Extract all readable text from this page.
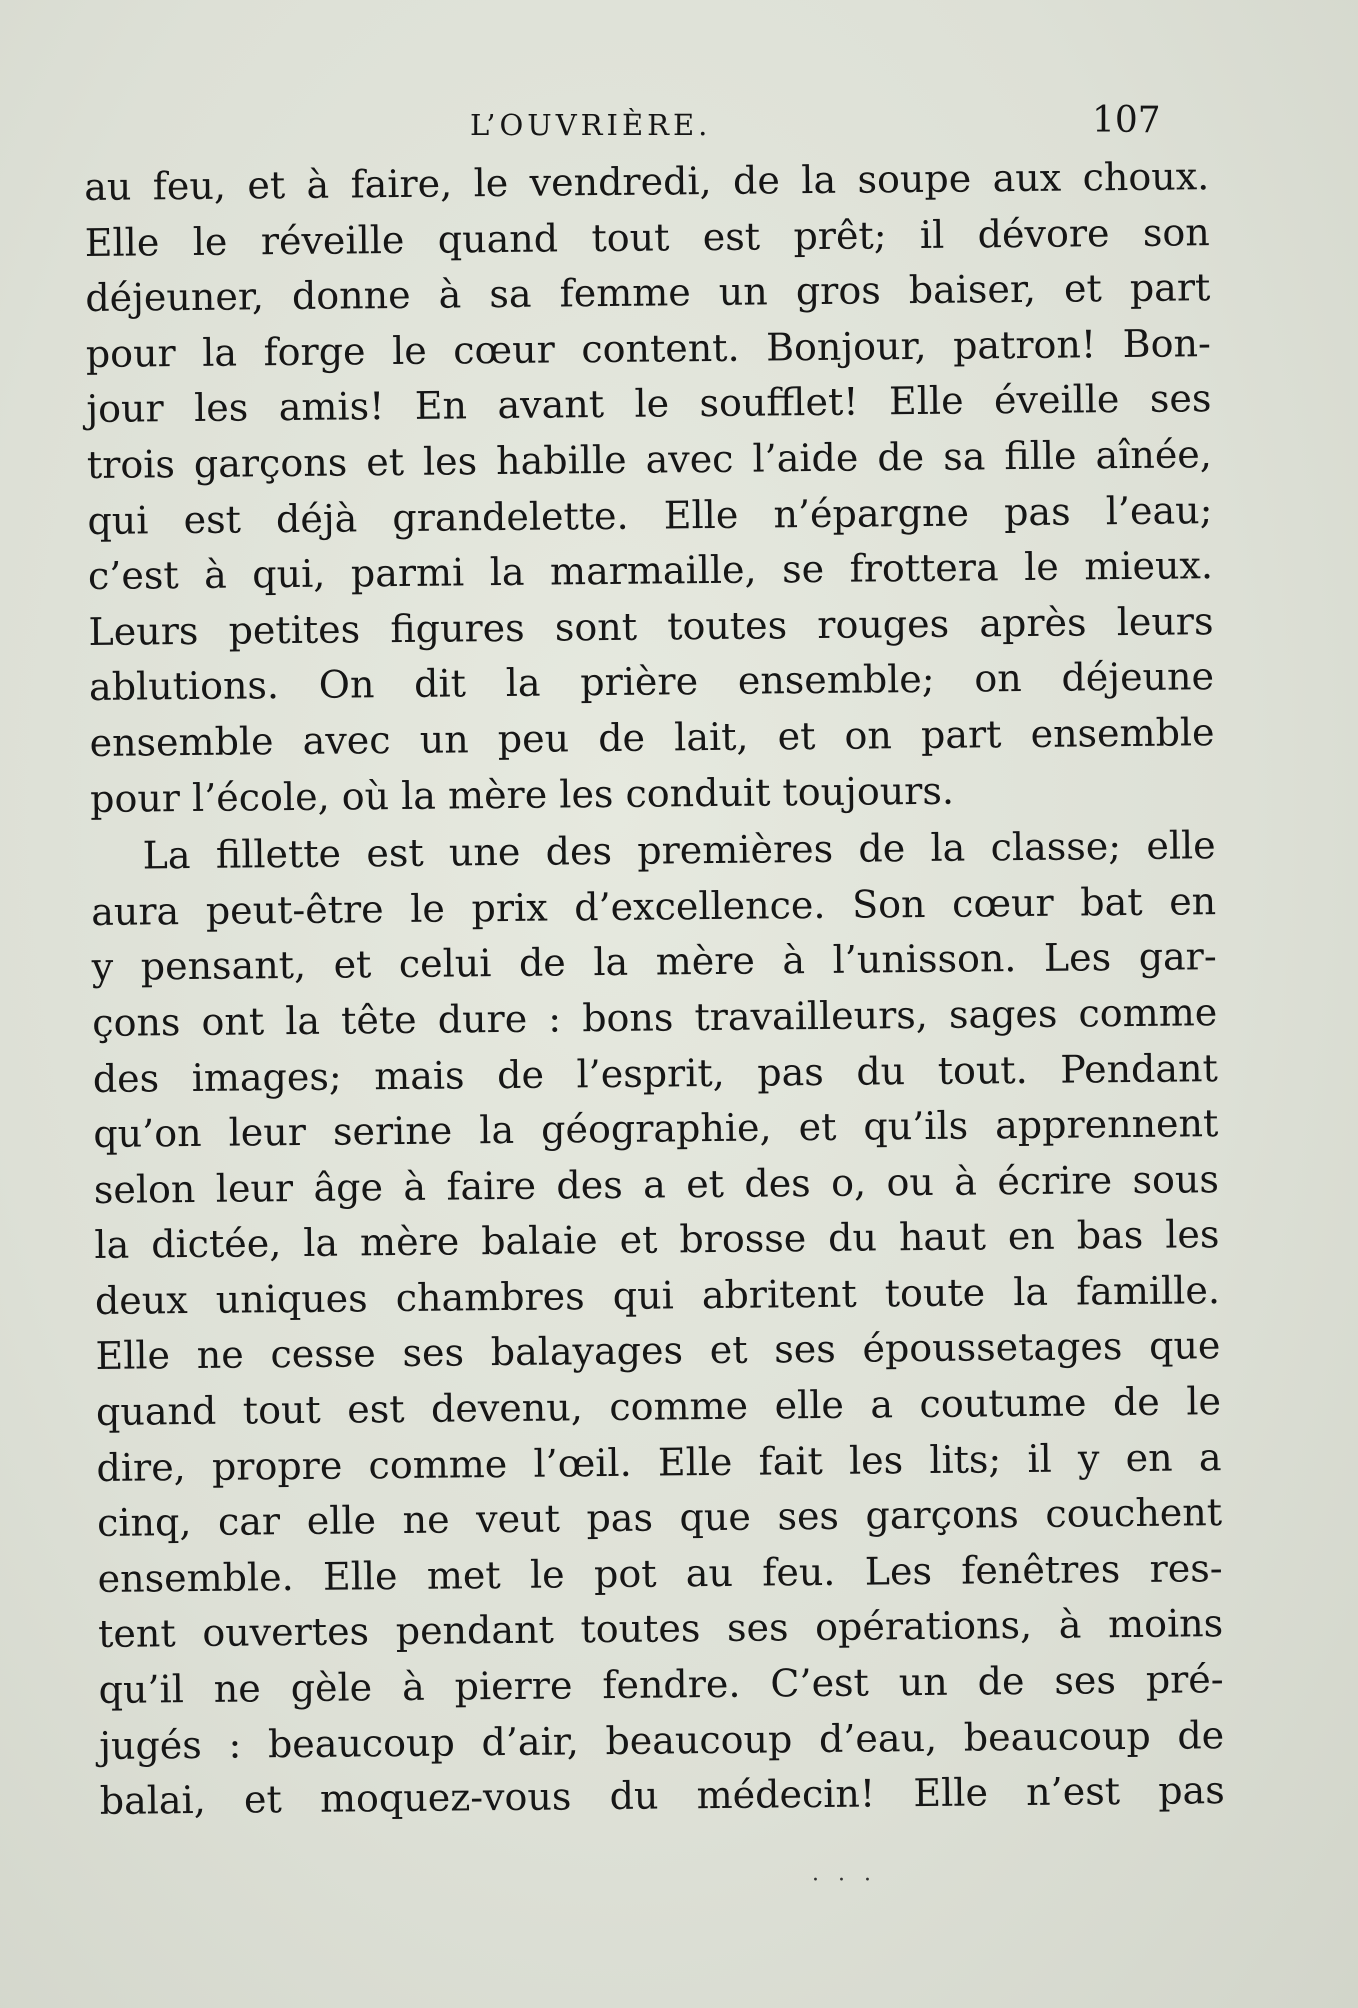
L’OUVRIÈRE.	107
au feu, et à faire, le vendredi, de la soupe aux choux.
Elle le réveille quand tout est prêt; il dévore son
déjeuner, donne à sa femme un gros baiser, et part
pour la forge le cœur content. Bonjour, patron! Bon-
jour les amis! En avant le soufflet! Elle éveille ses
trois garçons et les habille avec l’aide de sa fille aînée,
qui est déjà grandelette. Elle n’épargne pas l’eau;
c’est à qui, parmi la marmaille, se frottera le mieux.
Leurs petites figures sont toutes rouges après leurs
ablutions. On dit la prière ensemble; on déjeune
ensemble avec un peu de lait, et on part ensemble
pour l’école, où la mère les conduit toujours.
La fillette est une des premières de la classe; elle
aura peut-être le prix d’excellence. Son cœur bat en
y pensant, et celui de la mère à l’unisson. Les gar-
çons ont la tête dure : bons travailleurs, sages comme
des images; mais de l’esprit, pas du tout. Pendant
qu’on leur serine la géographie, et qu’ils apprennent
selon leur âge à faire des a et des o, ou à écrire sous
la dictée, la mère balaie et brosse du haut en bas les
deux uniques chambres qui abritent toute la famille.
Elle ne cesse ses balayages et ses époussetages que
quand tout est devenu, comme elle a coutume de le
dire, propre comme l’œil. Elle fait les lits; il y en a
cinq, car elle ne veut pas que ses garçons couchent
ensemble. Elle met le pot au feu. Les fenêtres res-
tent ouvertes pendant toutes ses opérations, à moins
qu’il ne gèle à pierre fendre. C’est un de ses pré-
jugés : beaucoup d’air, beaucoup d’eau, beaucoup de
balai, et moquez-vous du médecin! Elle n’est pas
· · ·
